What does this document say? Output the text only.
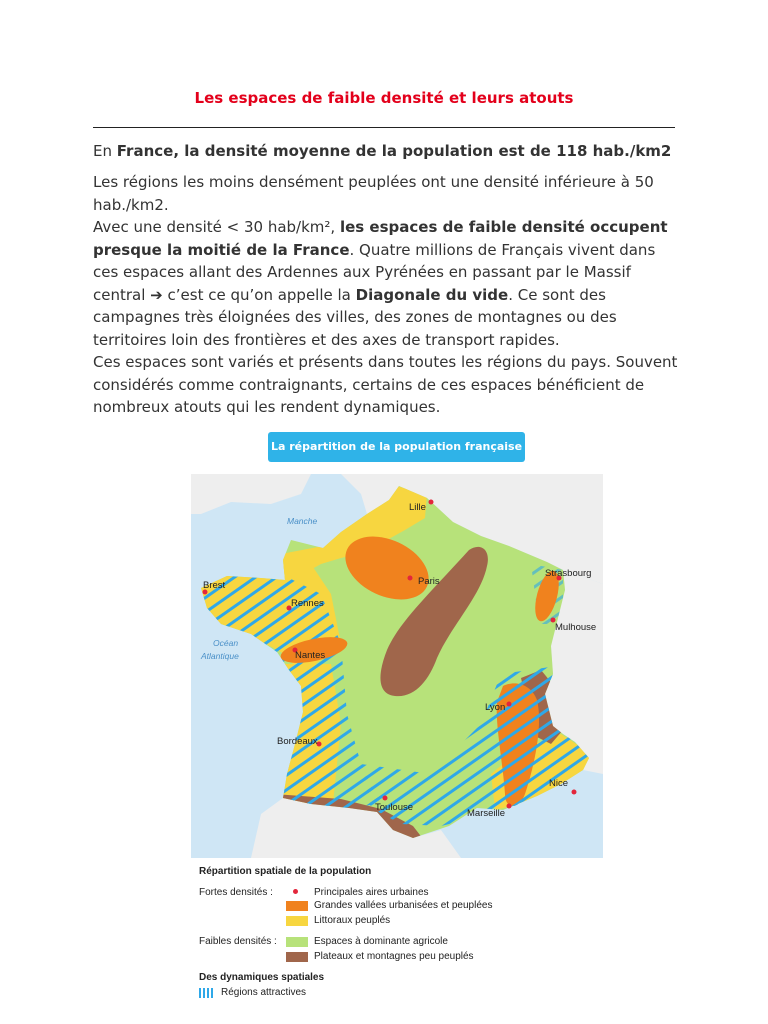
Les espaces de faible densité et leurs atouts
En France, la densité moyenne de la population est de 118 hab./km2

Les régions les moins densément peuplées ont une densité inférieure à 50 hab./km2.

Avec une densité < 30 hab/km², les espaces de faible densité occupent presque la moitié de la France. Quatre millions de Français vivent dans ces espaces allant des Ardennes aux Pyrénées en passant par le Massif central ➔ c’est ce qu’on appelle la Diagonale du vide. Ce sont des campagnes très éloignées des villes, des zones de montagnes ou des territoires loin des frontières et des axes de transport rapides.

Ces espaces sont variés et présents dans toutes les régions du pays. Souvent considérés comme contraignants, certains de ces espaces bénéficient de nombreux atouts qui les rendent dynamiques.

La répartition de la population française
Manche
Océan
Atlantique
Lille
Paris
Strasbourg
Mulhouse
Brest
Rennes
Nantes
Lyon
Bordeaux
Toulouse
Marseille
Nice
Répartition spatiale de la population
Fortes densités :	Principales aires urbaines
Grandes vallées urbanisées et peuplées
Littoraux peuplés
Faibles densités :	Espaces à dominante agricole
Plateaux et montagnes peu peuplés
Des dynamiques spatiales
Régions attractives
